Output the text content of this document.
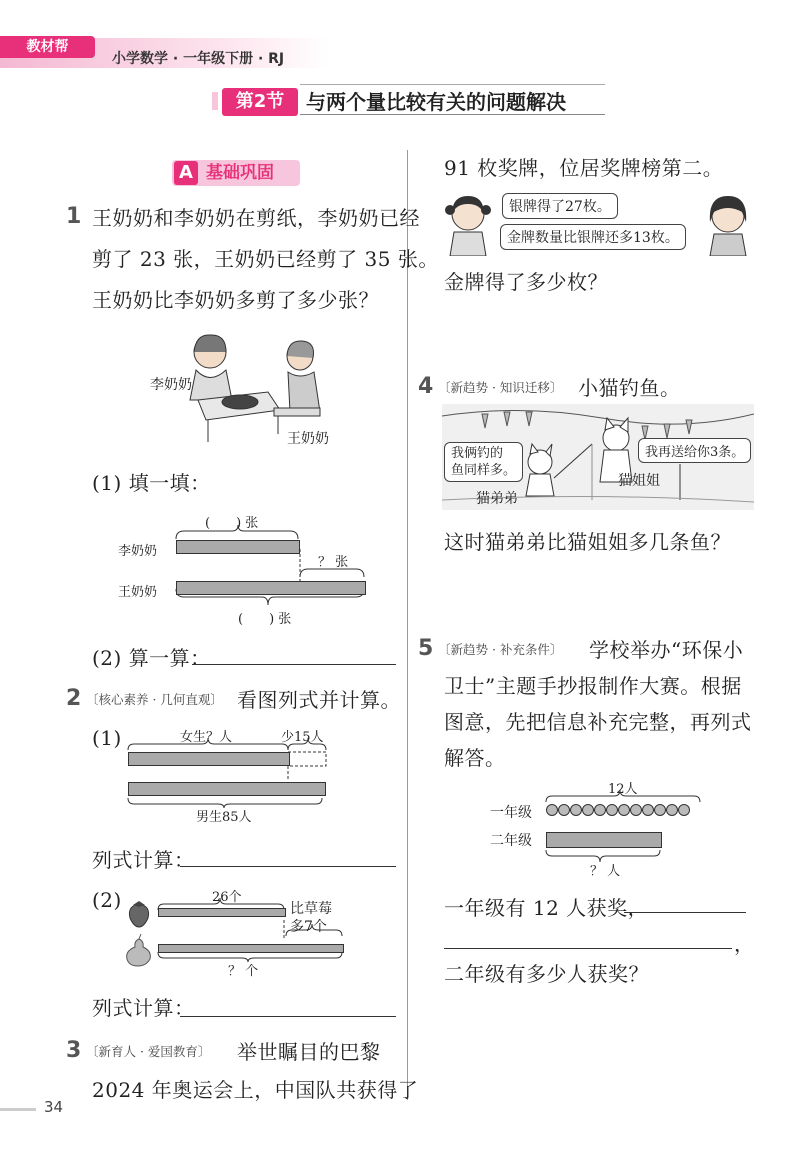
教材帮
小学数学 · 一年级下册 · RJ
第2节	与两个量比较有关的问题解决
A 基础巩固
1 王奶奶和李奶奶在剪纸，李奶奶已经
剪了 23 张，王奶奶已经剪了 35 张。
王奶奶比李奶奶多剪了多少张？
李奶奶
王奶奶
(1) 填一填：
(　　) 张
李奶奶
？ 张
王奶奶
(　　) 张
(2) 算一算：
2 〔核心素养 · 几何直观〕 看图列式并计算。
(1)	女生？人	少15人
男生85人
列式计算：
(2)	26个
比草莓
多7个
？ 个
列式计算：
3 〔新育人 · 爱国教育〕 举世瞩目的巴黎
2024 年奥运会上，中国队共获得了
34
91 枚奖牌，位居奖牌榜第二。
银牌得了27枚。
金牌数量比银牌还多13枚。
金牌得了多少枚？
4 〔新趋势 · 知识迁移〕 小猫钓鱼。
我俩钓的
鱼同样多。
我再送给你3条。
猫弟弟
猫姐姐
这时猫弟弟比猫姐姐多几条鱼？
5 〔新趋势 · 补充条件〕 学校举办“环保小
卫士”主题手抄报制作大赛。根据
图意，先把信息补充完整，再列式
解答。
12人
一年级
二年级
？ 人
一年级有 12 人获奖，
，
二年级有多少人获奖？
